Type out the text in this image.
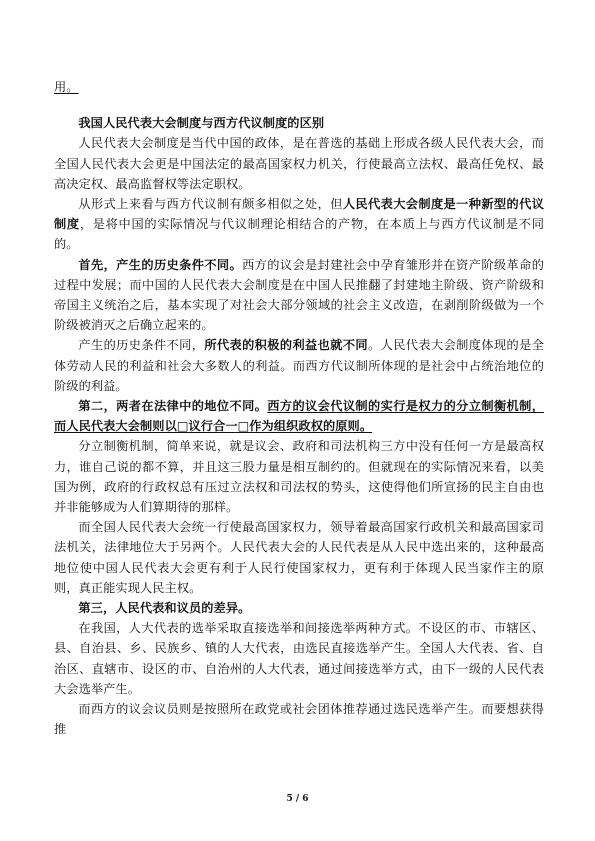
用。

我国人民代表大会制度与西方代议制度的区别

人民代表大会制度是当代中国的政体，是在普选的基础上形成各级人民代表大会，而全国人民代表大会更是中国法定的最高国家权力机关，行使最高立法权、最高任免权、最高决定权、最高监督权等法定职权。

从形式上来看与西方代议制有颇多相似之处，但人民代表大会制度是一种新型的代议制度，是将中国的实际情况与代议制理论相结合的产物，在本质上与西方代议制是不同的。

首先，产生的历史条件不同。西方的议会是封建社会中孕育雏形并在资产阶级革命的过程中发展；而中国的人民代表大会制度是在中国人民推翻了封建地主阶级、资产阶级和帝国主义统治之后，基本实现了对社会大部分领域的社会主义改造，在剥削阶级做为一个阶级被消灭之后确立起来的。

产生的历史条件不同，所代表的积极的利益也就不同。人民代表大会制度体现的是全体劳动人民的利益和社会大多数人的利益。而西方代议制所体现的是社会中占统治地位的阶级的利益。

第二，两者在法律中的地位不同。西方的议会代议制的实行是权力的分立制衡机制，而人民代表大会制则以□议行合一□作为组织政权的原则。

分立制衡机制，简单来说，就是议会、政府和司法机构三方中没有任何一方是最高权力，谁自己说的都不算，并且这三股力量是相互制约的。但就现在的实际情况来看，以美国为例，政府的行政权总有压过立法权和司法权的势头，这使得他们所宣扬的民主自由也并非能够成为人们算期待的那样。

而全国人民代表大会统一行使最高国家权力，领导着最高国家行政机关和最高国家司法机关，法律地位大于另两个。人民代表大会的人民代表是从人民中选出来的，这种最高地位使中国人民代表大会更有利于人民行使国家权力，更有利于体现人民当家作主的原则，真正能实现人民主权。

第三，人民代表和议员的差异。

在我国，人大代表的选举采取直接选举和间接选举两种方式。不设区的市、市辖区、县、自治县、乡、民族乡、镇的人大代表，由选民直接选举产生。全国人大代表、省、自治区、直辖市、设区的市、自治州的人大代表，通过间接选举方式，由下一级的人民代表大会选举产生。

而西方的议会议员则是按照所在政党或社会团体推荐通过选民选举产生。而要想获得推

5 / 6
